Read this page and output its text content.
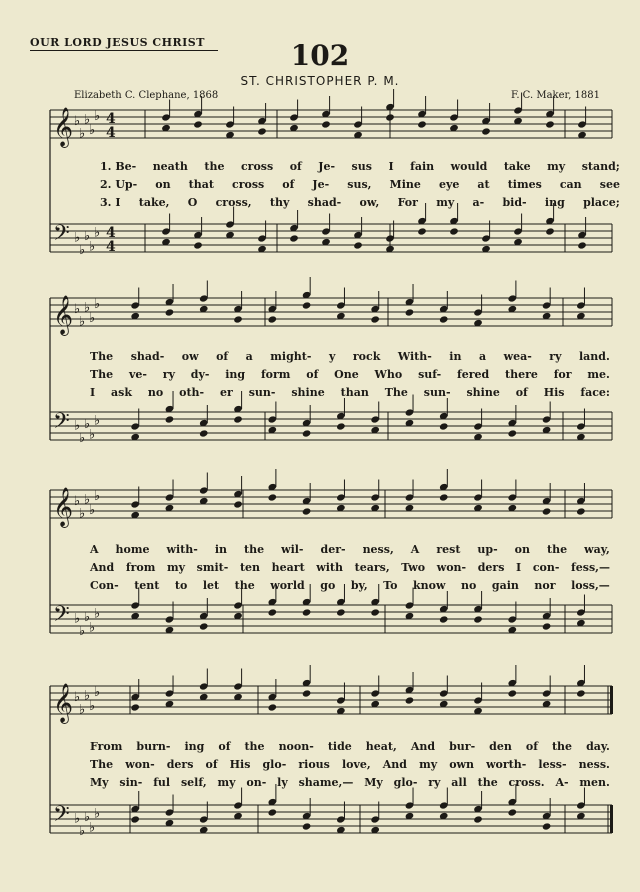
OUR LORD JESUS CHRIST	102
ST. CHRISTOPHER P. M.
Elizabeth C. Clephane, 1868	F. C. Maker, 1881
𝄞 ♭
♭
♭
♭
♭
𝄢 ♭
♭
♭
♭
♭
𝄞 ♭
♭
♭
♭
♭
𝄢 ♭
♭
♭
♭
♭
𝄞 ♭
♭
♭
♭
♭
𝄢 ♭
♭
♭
♭
♭
𝄞 ♭
♭
♭
♭
♭
𝄢 ♭
♭
♭
♭
♭
4
4
4
4
1. Be- neath the cross of Je- sus I fain would take my stand;
2. Up- on that cross of Je- sus, Mine eye at times can see
3. I take, O cross, thy shad- ow, For my a- bid- ing place;
The shad- ow of a might- y rock With- in a wea- ry land.
The ve- ry dy- ing form of One Who suf- fered there for me.
I ask no oth- er sun- shine than The sun- shine of His face:
A home with- in the wil- der- ness, A rest up- on the way,
And from my smit- ten heart with tears, Two won- ders I con- fess,—
Con- tent to let the world go by, To know no gain nor loss,—
From burn- ing of the noon- tide heat, And bur- den of the day.
The won- ders of His glo- rious love, And my own worth- less- ness.
My sin- ful self, my on- ly shame,— My glo- ry all the cross. A- men.
